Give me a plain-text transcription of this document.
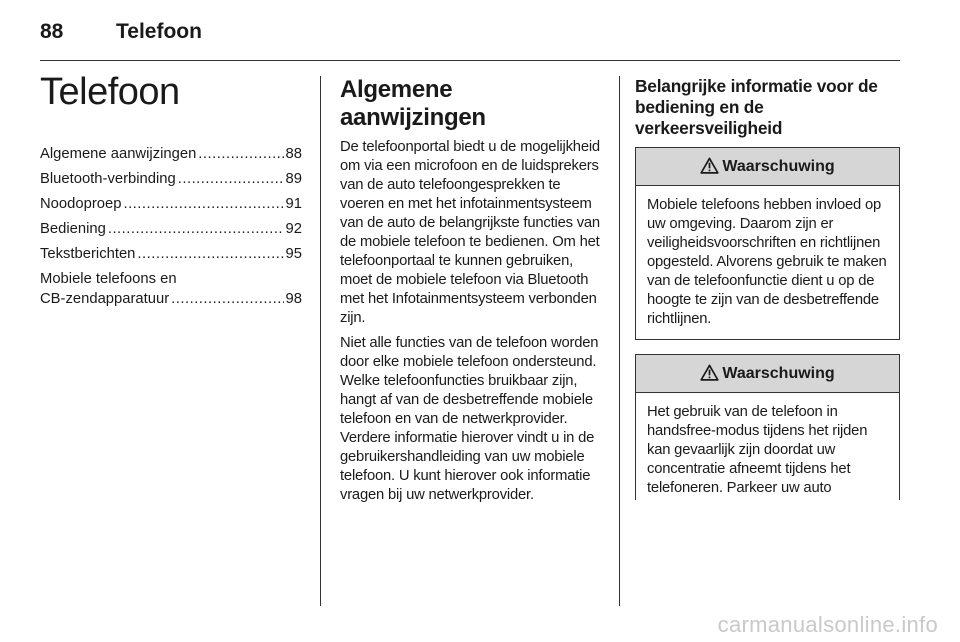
88	Telefoon
Telefoon
Algemene aanwijzingen .....	88
Bluetooth-verbinding .....	89
Noodoproep .....	91
Bediening .....	92
Tekstberichten .....	95
Mobiele telefoons en
CB-zendapparatuur .....	98
Algemene aanwijzingen

De telefoonportal biedt u de mogelijkheid om via een microfoon en de luidsprekers van de auto telefoongesprekken te voeren en met het infotainmentsysteem van de auto de belangrijkste functies van de mobiele telefoon te bedienen. Om het telefoonportaal te kunnen gebruiken, moet de mobiele telefoon via Bluetooth met het Infotainmentsysteem verbonden zijn.

Niet alle functies van de telefoon worden door elke mobiele telefoon ondersteund. Welke telefoonfuncties bruikbaar zijn, hangt af van de desbetreffende mobiele telefoon en van de netwerkprovider. Verdere informatie hierover vindt u in de gebruikershandleiding van uw mobiele telefoon. U kunt hierover ook informatie vragen bij uw netwerkprovider.

Belangrijke informatie voor de bediening en de verkeersveiligheid
Waarschuwing
Mobiele telefoons hebben invloed op uw omgeving. Daarom zijn er veiligheidsvoorschriften en richtlijnen opgesteld. Alvorens gebruik te maken van de telefoonfunctie dient u op de hoogte te zijn van de desbetreffende richtlijnen.
Waarschuwing
Het gebruik van de telefoon in handsfree-modus tijdens het rijden kan gevaarlijk zijn doordat uw concentratie afneemt tijdens het telefoneren. Parkeer uw auto
carmanualsonline.info
